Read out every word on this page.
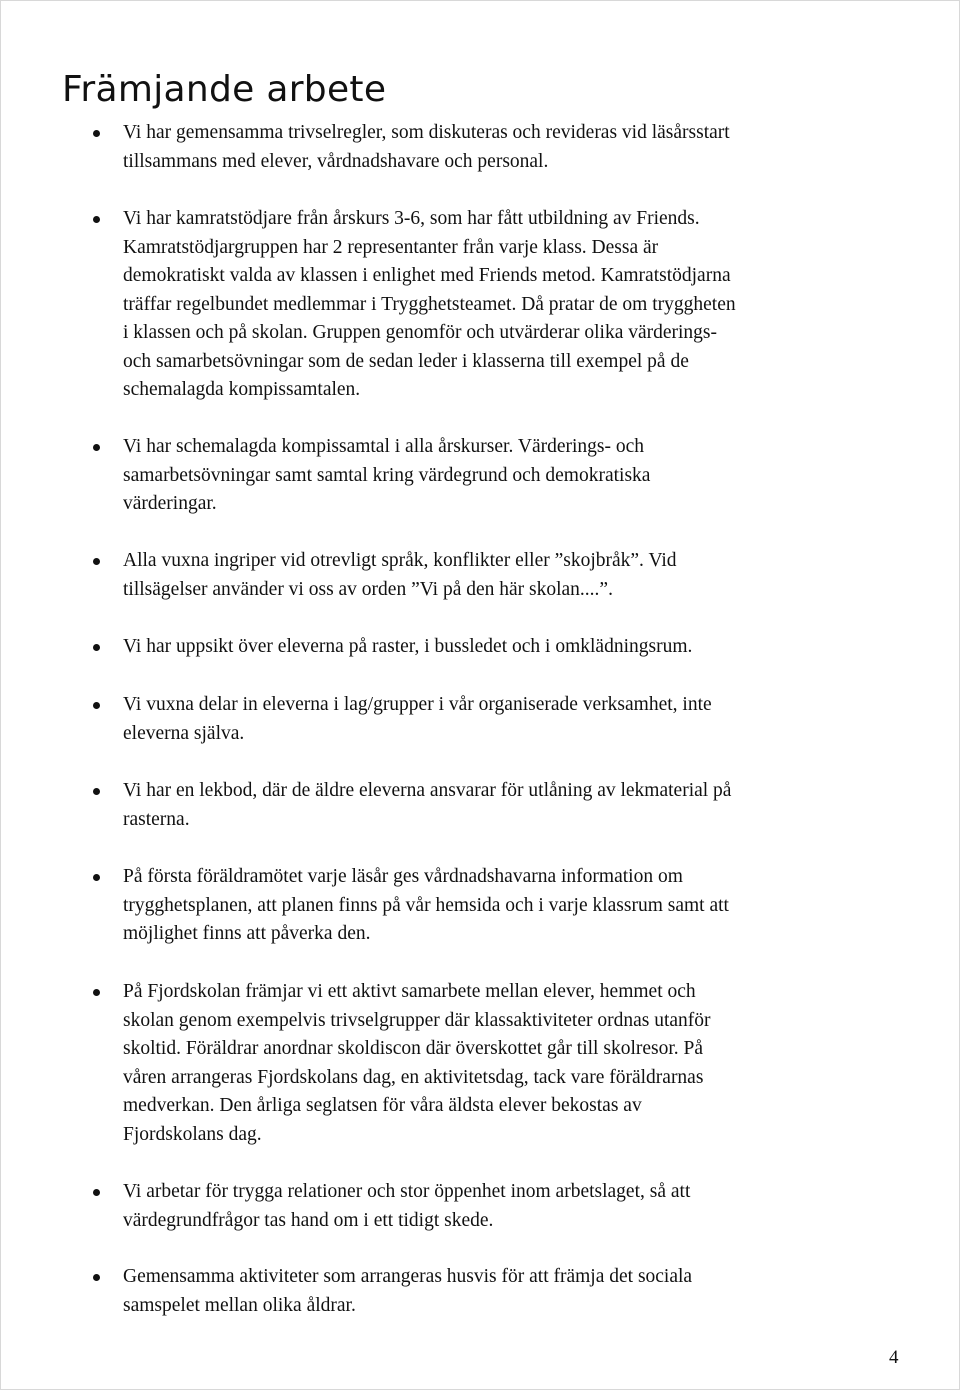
Främjande arbete
Vi har gemensamma trivselregler, som diskuteras och revideras vid läsårsstart
tillsammans med elever, vårdnadshavare och personal.
Vi har kamratstödjare från årskurs 3-6, som har fått utbildning av Friends.
Kamratstödjargruppen har 2 representanter från varje klass. Dessa är
demokratiskt valda av klassen i enlighet med Friends metod. Kamratstödjarna
träffar regelbundet medlemmar i Trygghetsteamet. Då pratar de om tryggheten
i klassen och på skolan. Gruppen genomför och utvärderar olika värderings-
och samarbetsövningar som de sedan leder i klasserna till exempel på de
schemalagda kompissamtalen.
Vi har schemalagda kompissamtal i alla årskurser. Värderings- och
samarbetsövningar samt samtal kring värdegrund och demokratiska
värderingar.
Alla vuxna ingriper vid otrevligt språk, konflikter eller ”skojbråk”. Vid
tillsägelser använder vi oss av orden ”Vi på den här skolan....”.
Vi har uppsikt över eleverna på raster, i bussledet och i omklädningsrum.
Vi vuxna delar in eleverna i lag/grupper i vår organiserade verksamhet, inte
eleverna själva.
Vi har en lekbod, där de äldre eleverna ansvarar för utlåning av lekmaterial på
rasterna.
På första föräldramötet varje läsår ges vårdnadshavarna information om
trygghetsplanen, att planen finns på vår hemsida och i varje klassrum samt att
möjlighet finns att påverka den.
På Fjordskolan främjar vi ett aktivt samarbete mellan elever, hemmet och
skolan genom exempelvis trivselgrupper där klassaktiviteter ordnas utanför
skoltid. Föräldrar anordnar skoldiscon där överskottet går till skolresor. På
våren arrangeras Fjordskolans dag, en aktivitetsdag, tack vare föräldrarnas
medverkan. Den årliga seglatsen för våra äldsta elever bekostas av
Fjordskolans dag.
Vi arbetar för trygga relationer och stor öppenhet inom arbetslaget, så att
värdegrundfrågor tas hand om i ett tidigt skede.
Gemensamma aktiviteter som arrangeras husvis för att främja det sociala
samspelet mellan olika åldrar.
4
